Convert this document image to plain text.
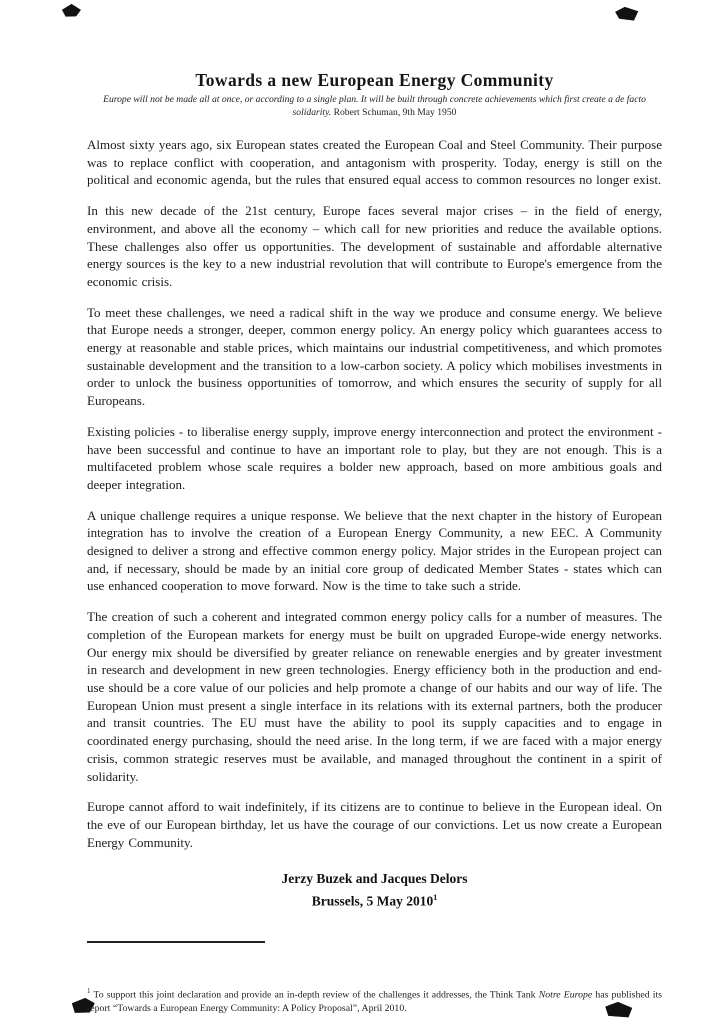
Towards a new European Energy Community

Europe will not be made all at once, or according to a single plan. It will be built through concrete achievements which first create a de facto solidarity. Robert Schuman, 9th May 1950

Almost sixty years ago, six European states created the European Coal and Steel Community. Their purpose was to replace conflict with cooperation, and antagonism with prosperity. Today, energy is still on the political and economic agenda, but the rules that ensured equal access to common resources no longer exist.

In this new decade of the 21st century, Europe faces several major crises – in the field of energy, environment, and above all the economy – which call for new priorities and reduce the available options. These challenges also offer us opportunities. The development of sustainable and affordable alternative energy sources is the key to a new industrial revolution that will contribute to Europe's emergence from the economic crisis.

To meet these challenges, we need a radical shift in the way we produce and consume energy. We believe that Europe needs a stronger, deeper, common energy policy. An energy policy which guarantees access to energy at reasonable and stable prices, which maintains our industrial competitiveness, and which promotes sustainable development and the transition to a low-carbon society. A policy which mobilises investments in order to unlock the business opportunities of tomorrow, and which ensures the security of supply for all Europeans.

Existing policies - to liberalise energy supply, improve energy interconnection and protect the environment - have been successful and continue to have an important role to play, but they are not enough. This is a multifaceted problem whose scale requires a bolder new approach, based on more ambitious goals and deeper integration.

A unique challenge requires a unique response. We believe that the next chapter in the history of European integration has to involve the creation of a European Energy Community, a new EEC. A Community designed to deliver a strong and effective common energy policy. Major strides in the European project can and, if necessary, should be made by an initial core group of dedicated Member States - states which can use enhanced cooperation to move forward. Now is the time to take such a stride.

The creation of such a coherent and integrated common energy policy calls for a number of measures. The completion of the European markets for energy must be built on upgraded Europe-wide energy networks. Our energy mix should be diversified by greater reliance on renewable energies and by greater investment in research and development in new green technologies. Energy efficiency both in the production and end-use should be a core value of our policies and help promote a change of our habits and our way of life. The European Union must present a single interface in its relations with its external partners, both the producer and transit countries. The EU must have the ability to pool its supply capacities and to engage in coordinated energy purchasing, should the need arise. In the long term, if we are faced with a major energy crisis, common strategic reserves must be available, and managed throughout the continent in a spirit of solidarity.

Europe cannot afford to wait indefinitely, if its citizens are to continue to believe in the European ideal. On the eve of our European birthday, let us have the courage of our convictions. Let us now create a European Energy Community.

Jerzy Buzek and Jacques Delors

Brussels, 5 May 2010$^1$

$^1$ To support this joint declaration and provide an in-depth review of the challenges it addresses, the Think Tank Notre Europe has published its report “Towards a European Energy Community: A Policy Proposal”, April 2010.
